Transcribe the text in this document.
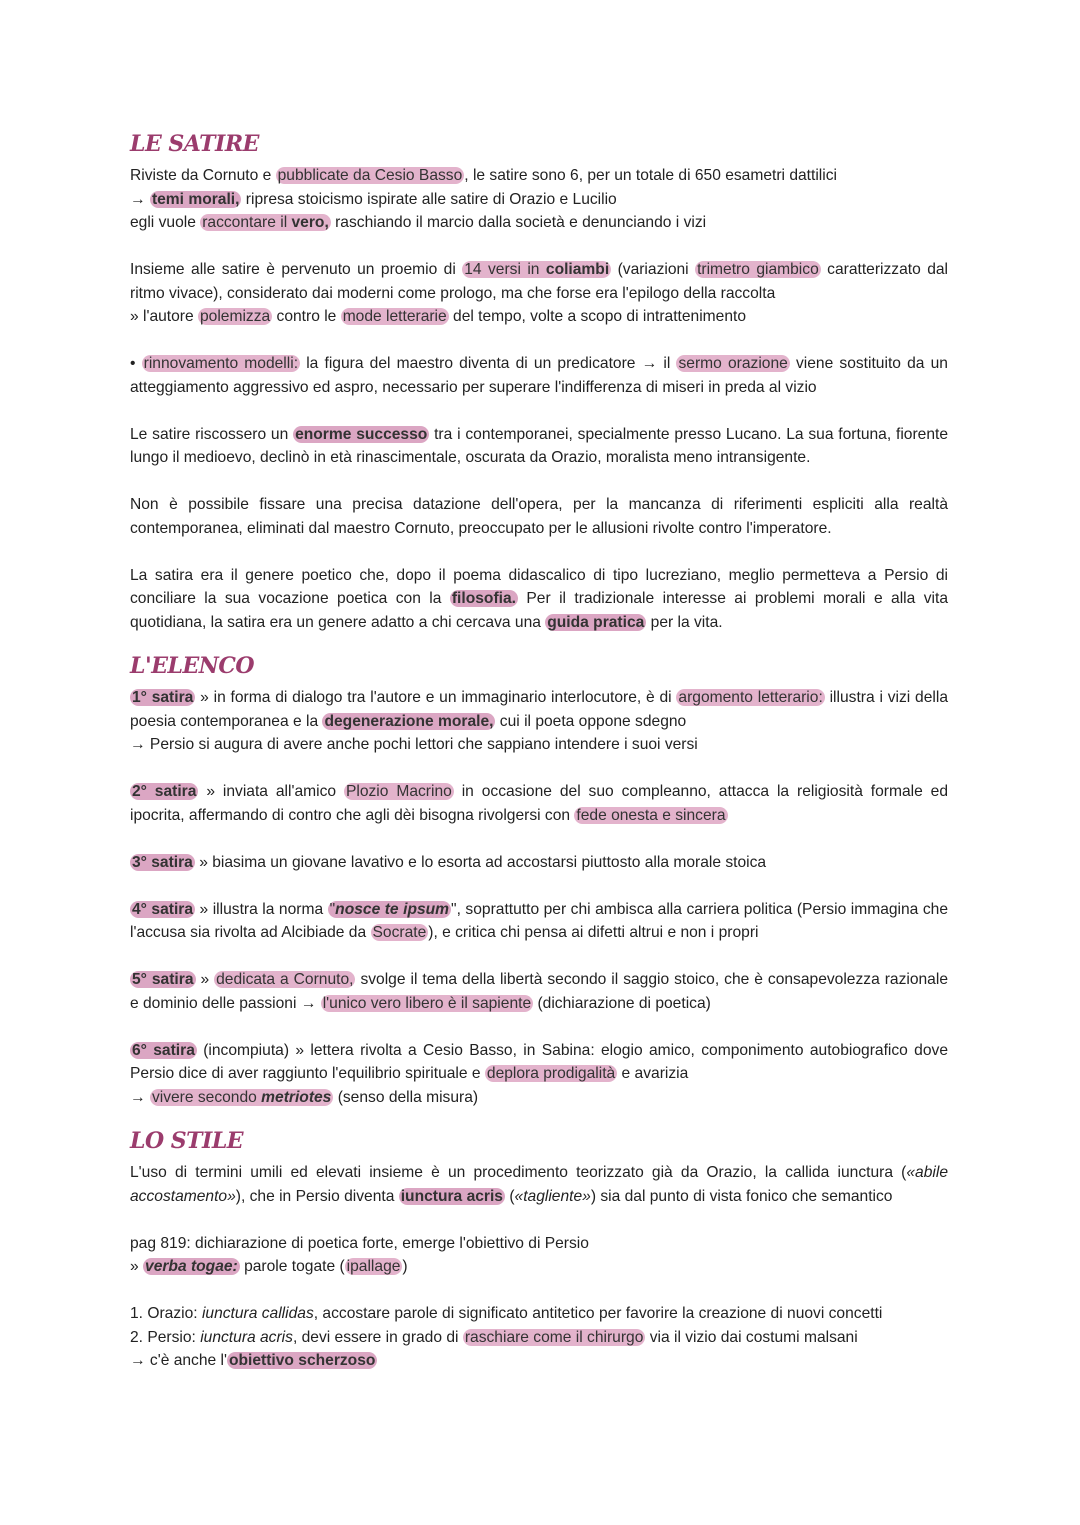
LE SATIRE

Riviste da Cornuto e pubblicate da Cesio Basso , le satire sono 6, per un totale di 650 esametri dattilici

→ temi morali, ripresa stoicismo ispirate alle satire di Orazio e Lucilio

egli vuole raccontare il vero, raschiando il marcio dalla società e denunciando i vizi

Insieme alle satire è pervenuto un proemio di 14 versi in coliambi (variazioni trimetro giambico caratterizzato dal ritmo vivace), considerato dai moderni come prologo, ma che forse era l'epilogo della raccolta

» l'autore polemizza contro le mode letterarie del tempo, volte a scopo di intrattenimento

• rinnovamento modelli: la figura del maestro diventa di un predicatore → il sermo orazione viene sostituito da un atteggiamento aggressivo ed aspro, necessario per superare l'indifferenza di miseri in preda al vizio

Le satire riscossero un enorme successo tra i contemporanei, specialmente presso Lucano. La sua fortuna, fiorente lungo il medioevo, declinò in età rinascimentale, oscurata da Orazio, moralista meno intransigente.

Non è possibile fissare una precisa datazione dell'opera, per la mancanza di riferimenti espliciti alla realtà contemporanea, eliminati dal maestro Cornuto, preoccupato per le allusioni rivolte contro l'imperatore.

La satira era il genere poetico che, dopo il poema didascalico di tipo lucreziano, meglio permetteva a Persio di conciliare la sua vocazione poetica con la filosofia. Per il tradizionale interesse ai problemi morali e alla vita quotidiana, la satira era un genere adatto a chi cercava una guida pratica per la vita.

L'ELENCO

1° satira » in forma di dialogo tra l'autore e un immaginario interlocutore, è di argomento letterario: illustra i vizi della poesia contemporanea e la degenerazione morale, cui il poeta oppone sdegno

→ Persio si augura di avere anche pochi lettori che sappiano intendere i suoi versi

2° satira » inviata all'amico Plozio Macrino in occasione del suo compleanno, attacca la religiosità formale ed ipocrita, affermando di contro che agli dèi bisogna rivolgersi con fede onesta e sincera

3° satira » biasima un giovane lavativo e lo esorta ad accostarsi piuttosto alla morale stoica

4° satira » illustra la norma "nosce te ipsum ", soprattutto per chi ambisca alla carriera politica (Persio immagina che l'accusa sia rivolta ad Alcibiade da Socrate ), e critica chi pensa ai difetti altrui e non i propri

5° satira » dedicata a Cornuto, svolge il tema della libertà secondo il saggio stoico, che è consapevolezza razionale e dominio delle passioni → l'unico vero libero è il sapiente (dichiarazione di poetica)

6° satira (incompiuta) » lettera rivolta a Cesio Basso, in Sabina: elogio amico, componimento autobiografico dove Persio dice di aver raggiunto l'equilibrio spirituale e deplora prodigalità e avarizia

→ vivere secondo metriotes (senso della misura)

LO STILE

L'uso di termini umili ed elevati insieme è un procedimento teorizzato già da Orazio, la callida iunctura («abile accostamento»), che in Persio diventa iunctura acris («tagliente») sia dal punto di vista fonico che semantico

pag 819: dichiarazione di poetica forte, emerge l'obiettivo di Persio

» verba togae: parole togate ( ipallage )

1. Orazio: iunctura callidas, accostare parole di significato antitetico per favorire la creazione di nuovi concetti

2. Persio: iunctura acris, devi essere in grado di raschiare come il chirurgo via il vizio dai costumi malsani

→ c'è anche l' obiettivo scherzoso
